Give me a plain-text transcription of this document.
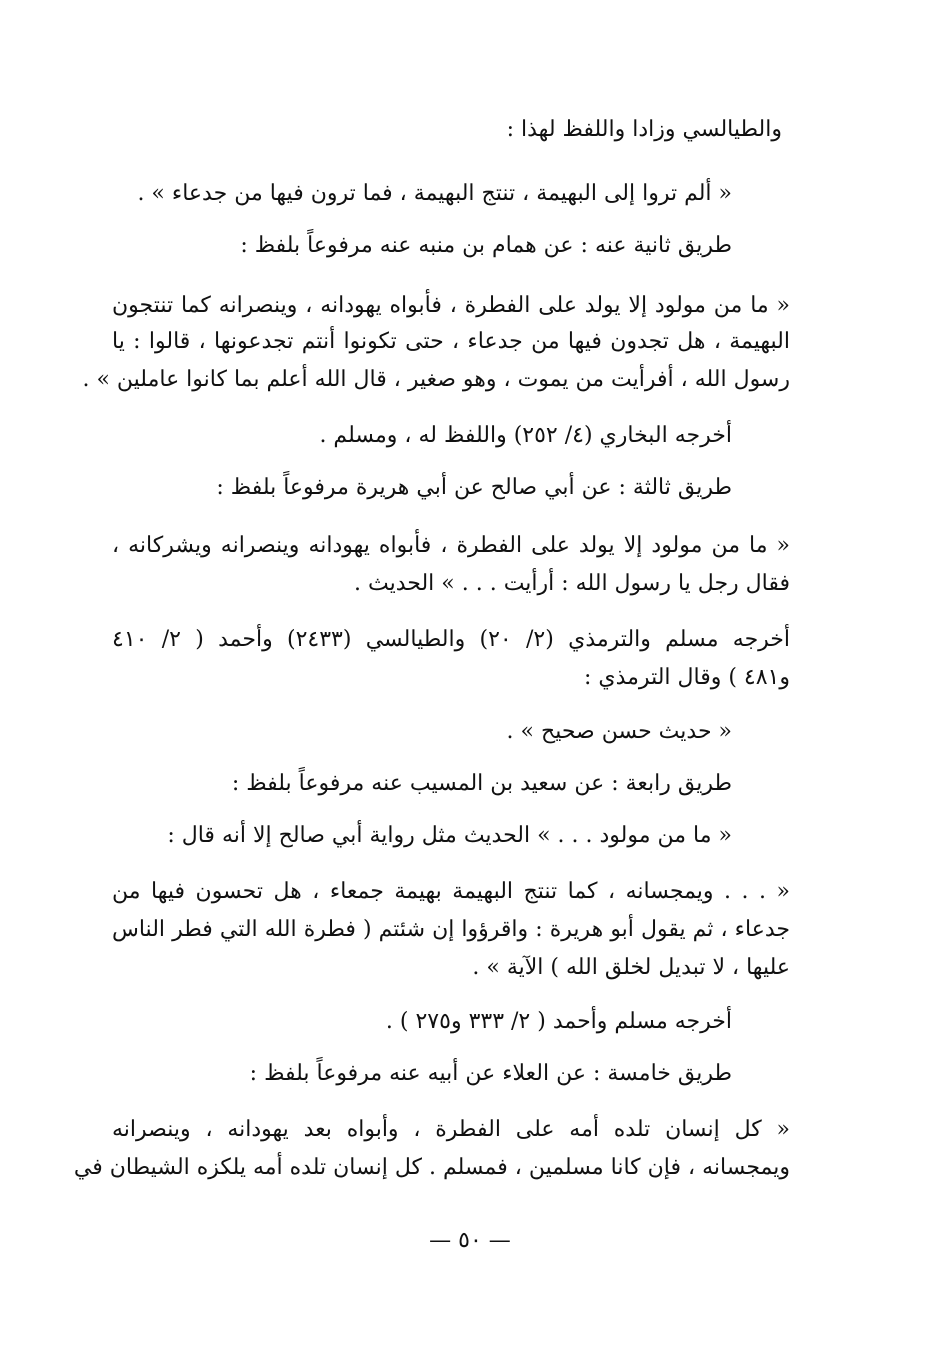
والطيالسي وزادا واللفظ لهذا :
« ألم تروا إلى البهيمة ، تنتج البهيمة ، فما ترون فيها من جدعاء » .
طريق ثانية عنه : عن همام بن منبه عنه مرفوعاً بلفظ :
« ما من مولود إلا يولد على الفطرة ، فأبواه يهودانه ، وينصرانه كما تنتجون
البهيمة ، هل تجدون فيها من جدعاء ، حتى تكونوا أنتم تجدعونها ، قالوا : يا
رسول الله ، أفرأيت من يموت ، وهو صغير ، قال الله أعلم بما كانوا عاملين » .
أخرجه البخاري (٤/ ٢٥٢) واللفظ له ، ومسلم .
طريق ثالثة : عن أبي صالح عن أبي هريرة مرفوعاً بلفظ :
« ما من مولود إلا يولد على الفطرة ، فأبواه يهودانه وينصرانه ويشركانه ،
فقال رجل يا رسول الله : أرأيت . . . » الحديث .
أخرجه مسلم والترمذي (٢/ ٢٠) والطيالسي (٢٤٣٣) وأحمد ( ٢/ ٤١٠
و٤٨١ ) وقال الترمذي :
« حديث حسن صحيح » .
طريق رابعة : عن سعيد بن المسيب عنه مرفوعاً بلفظ :
« ما من مولود . . . » الحديث مثل رواية أبي صالح إلا أنه قال :
« . . . ويمجسانه ، كما تنتج البهيمة بهيمة جمعاء ، هل تحسون فيها من
جدعاء ، ثم يقول أبو هريرة : واقرؤوا إن شئتم ( فطرة الله التي فطر الناس
عليها ، لا تبديل لخلق الله ) الآية » .
أخرجه مسلم وأحمد ( ٢/ ٣٣٣ و٢٧٥ ) .
طريق خامسة : عن العلاء عن أبيه عنه مرفوعاً بلفظ :
« كل إنسان تلده أمه على الفطرة ، وأبواه بعد يهودانه ، وينصرانه
ويمجسانه ، فإن كانا مسلمين ، فمسلم . كل إنسان تلده أمه يلكزه الشيطان في
— ٥٠ —
